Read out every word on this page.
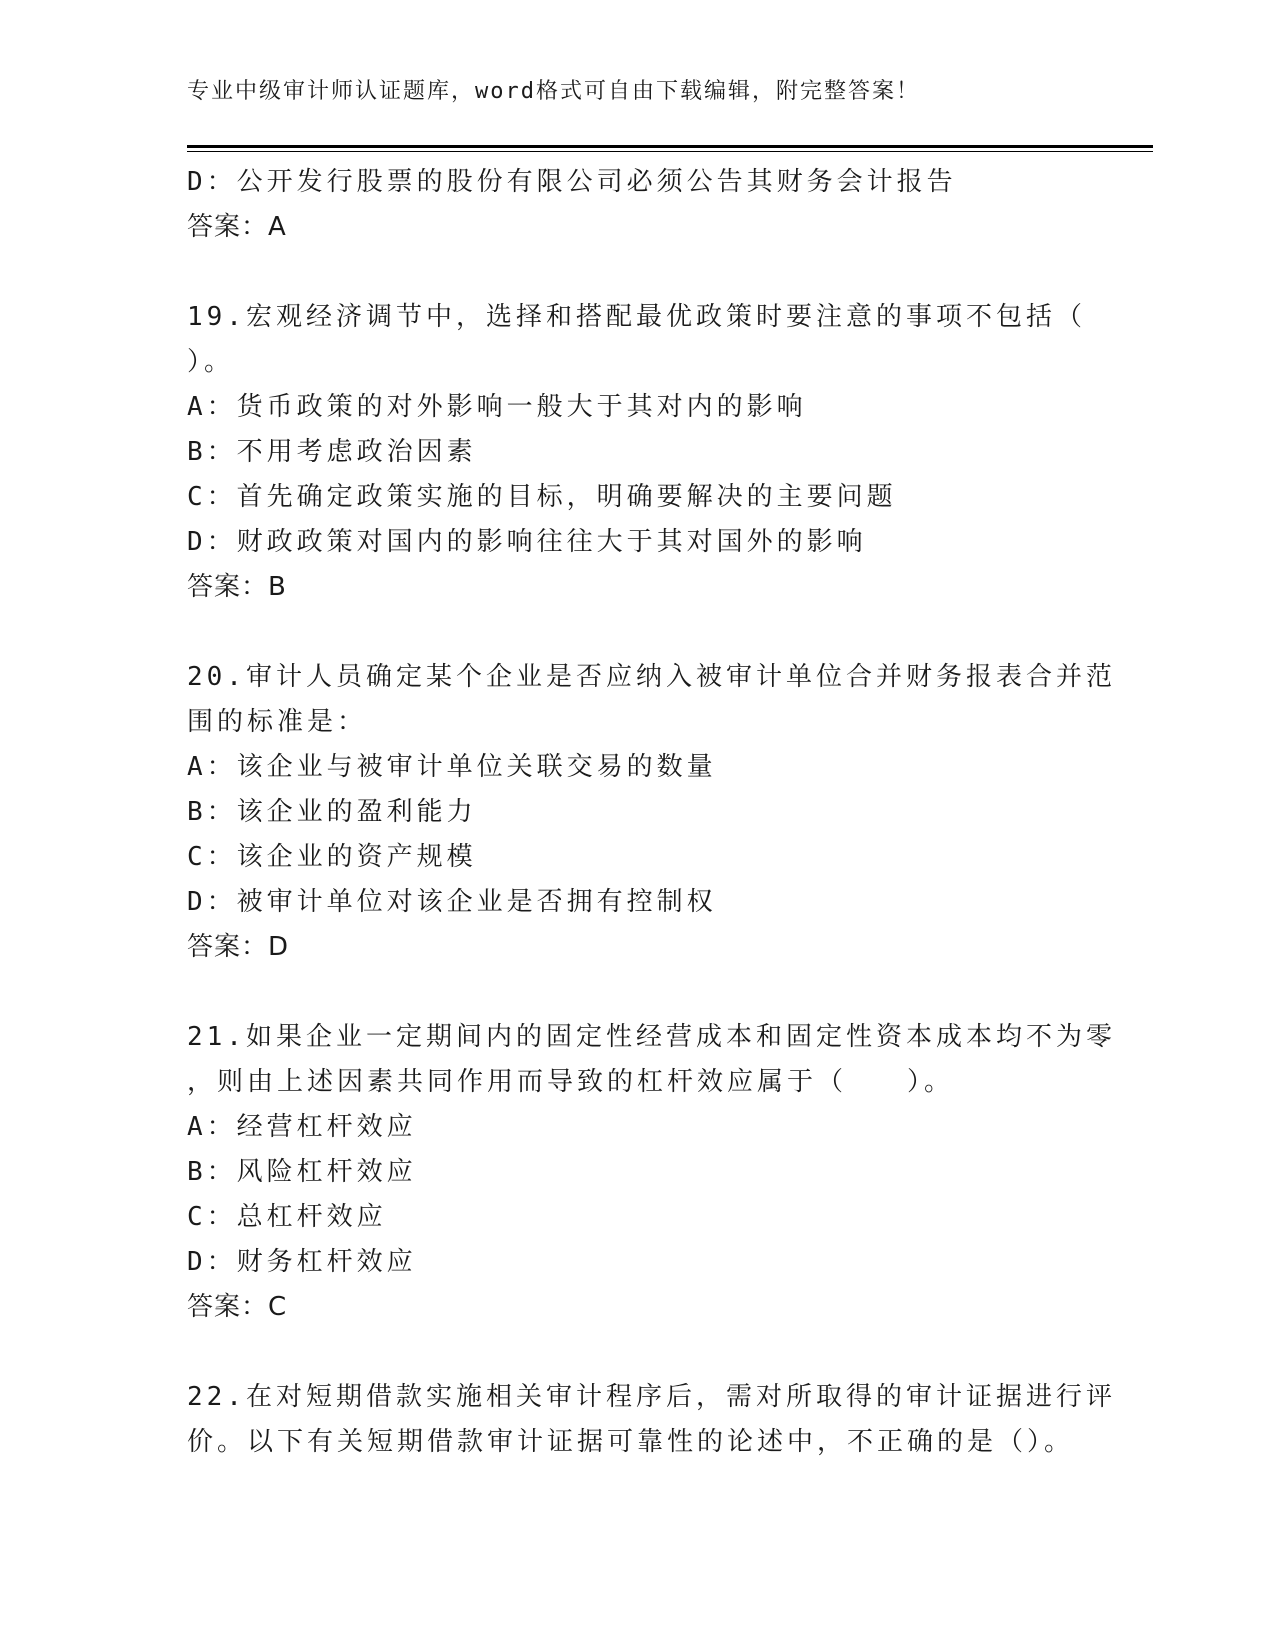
专业中级审计师认证题库，word格式可自由下载编辑，附完整答案！
D：公开发行股票的股份有限公司必须公告其财务会计报告
答案：A
19.宏观经济调节中，选择和搭配最优政策时要注意的事项不包括（
）。
A：货币政策的对外影响一般大于其对内的影响
B：不用考虑政治因素
C：首先确定政策实施的目标，明确要解决的主要问题
D：财政政策对国内的影响往往大于其对国外的影响
答案：B
20.审计人员确定某个企业是否应纳入被审计单位合并财务报表合并范
围的标准是：
A：该企业与被审计单位关联交易的数量
B：该企业的盈利能力
C：该企业的资产规模
D：被审计单位对该企业是否拥有控制权
答案：D
21.如果企业一定期间内的固定性经营成本和固定性资本成本均不为零
，则由上述因素共同作用而导致的杠杆效应属于（　　）。
A：经营杠杆效应
B：风险杠杆效应
C：总杠杆效应
D：财务杠杆效应
答案：C
22.在对短期借款实施相关审计程序后，需对所取得的审计证据进行评
价。以下有关短期借款审计证据可靠性的论述中，不正确的是（）。
